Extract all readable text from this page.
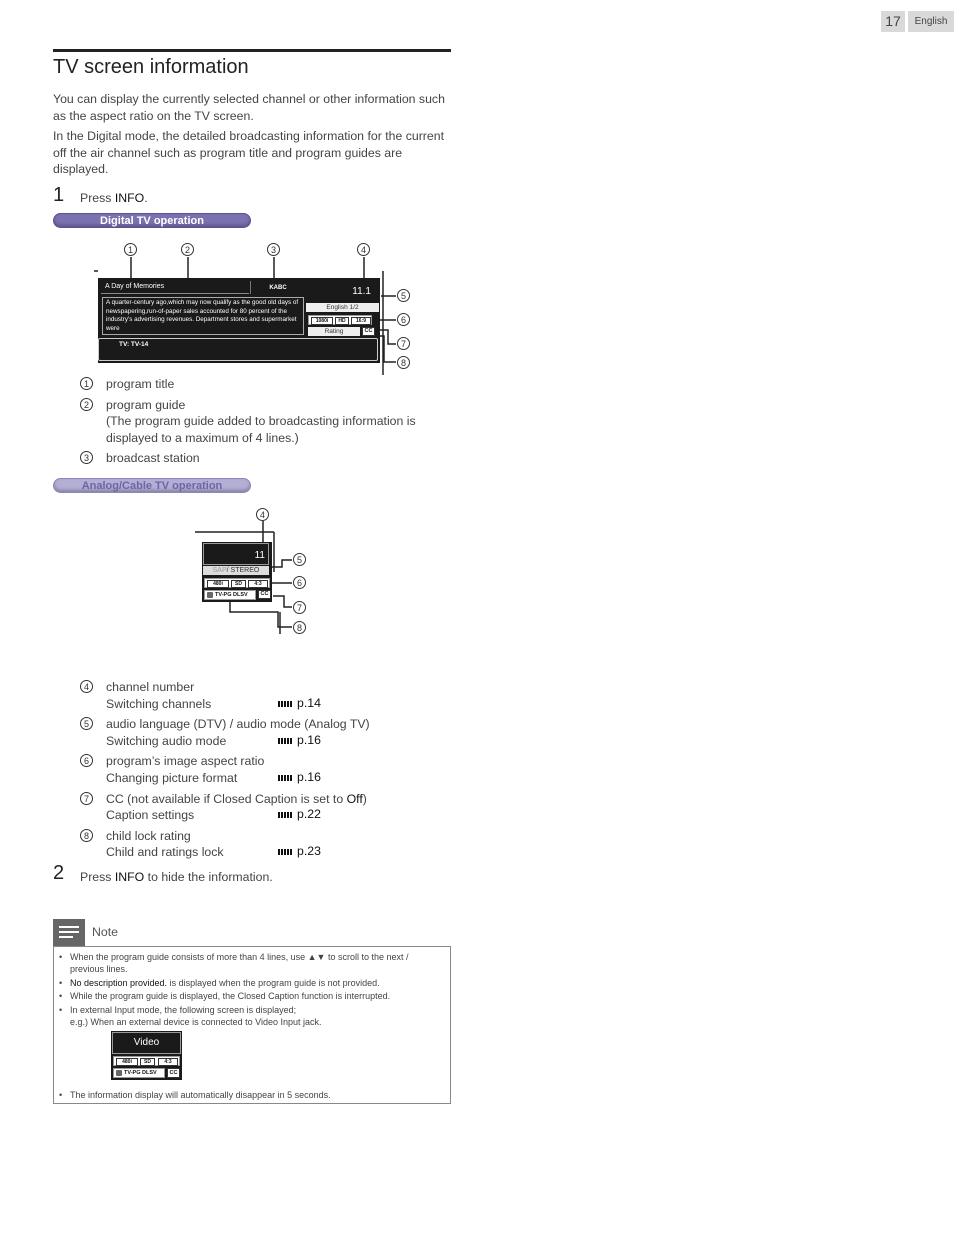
17	English
TV screen information
You can display the currently selected channel or other information such as the aspect ratio on the TV screen.
In the Digital mode, the detailed broadcasting information for the current off the air channel such as program title and program guides are displayed.
1 Press INFO.
Digital TV operation
1	2	3	4
5
6
7
8
A Day of Memories	KABC	11.1
A quarter-century ago,which may now qualify as the good old days of newspapering,run-of-paper sales accounted for 80 percent of the industry's advertising revenues. Department stores and supermarket were
English 1/2
1080i	HD	16:9
Rating	CC
TV: TV-14
1	program title
2	program guide
(The program guide added to broadcasting information is displayed to a maximum of 4 lines.)
3	broadcast station
Analog/Cable TV operation
4
5
6
7
8
11
SAP/ STEREO
480i	SD	4:3
TV-PG DLSV	CC
4	channel number
Switching channels	p.14
5	audio language (DTV) / audio mode (Analog TV)
Switching audio mode	p.16
6	program’s image aspect ratio
Changing picture format	p.16
7	CC (not available if Closed Caption is set to Off)
Caption settings	p.22
8	child lock rating
Child and ratings lock	p.23
2 Press INFO to hide the information.
Note
• When the program guide consists of more than 4 lines, use ▲▼ to scroll to the next / previous lines.
• No description provided. is displayed when the program guide is not provided.
• While the program guide is displayed, the Closed Caption function is interrupted.
• In external Input mode, the following screen is displayed;
e.g.) When an external device is connected to Video Input jack.
Video
480i	SD	4:3
TV-PG DLSV	CC
• The information display will automatically disappear in 5 seconds.
